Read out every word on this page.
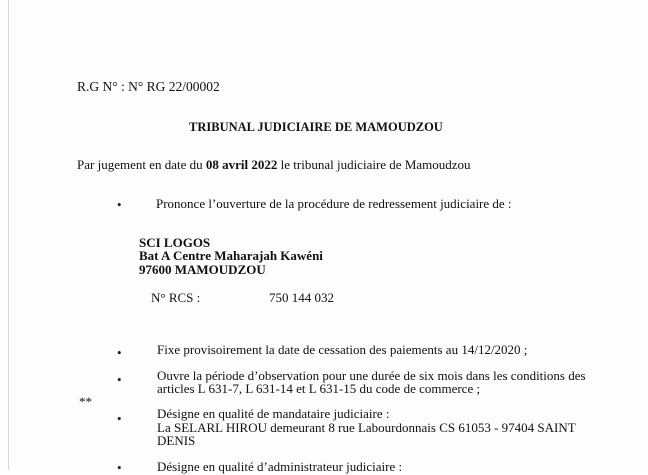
R.G N° : N° RG 22/00002
TRIBUNAL JUDICIAIRE DE MAMOUDZOU
Par jugement en date du 08 avril 2022 le tribunal judiciaire de Mamoudzou
•	Prononce l’ouverture de la procédure de redressement judiciaire de :
SCI LOGOS
Bat A Centre Maharajah Kawéni
97600 MAMOUDZOU
N° RCS :	750 144 032
•	Fixe provisoirement la date de cessation des paiements au 14/12/2020 ;
•	Ouvre la période d’observation pour une durée de six mois dans les conditions des
articles L 631-7, L 631-14 et L 631-15 du code de commerce ;
**
•	Désigne en qualité de mandataire judiciaire :
La SELARL HIROU demeurant 8 rue Labourdonnais CS 61053 - 97404 SAINT
DENIS
•	Désigne en qualité d’administrateur judiciaire :
